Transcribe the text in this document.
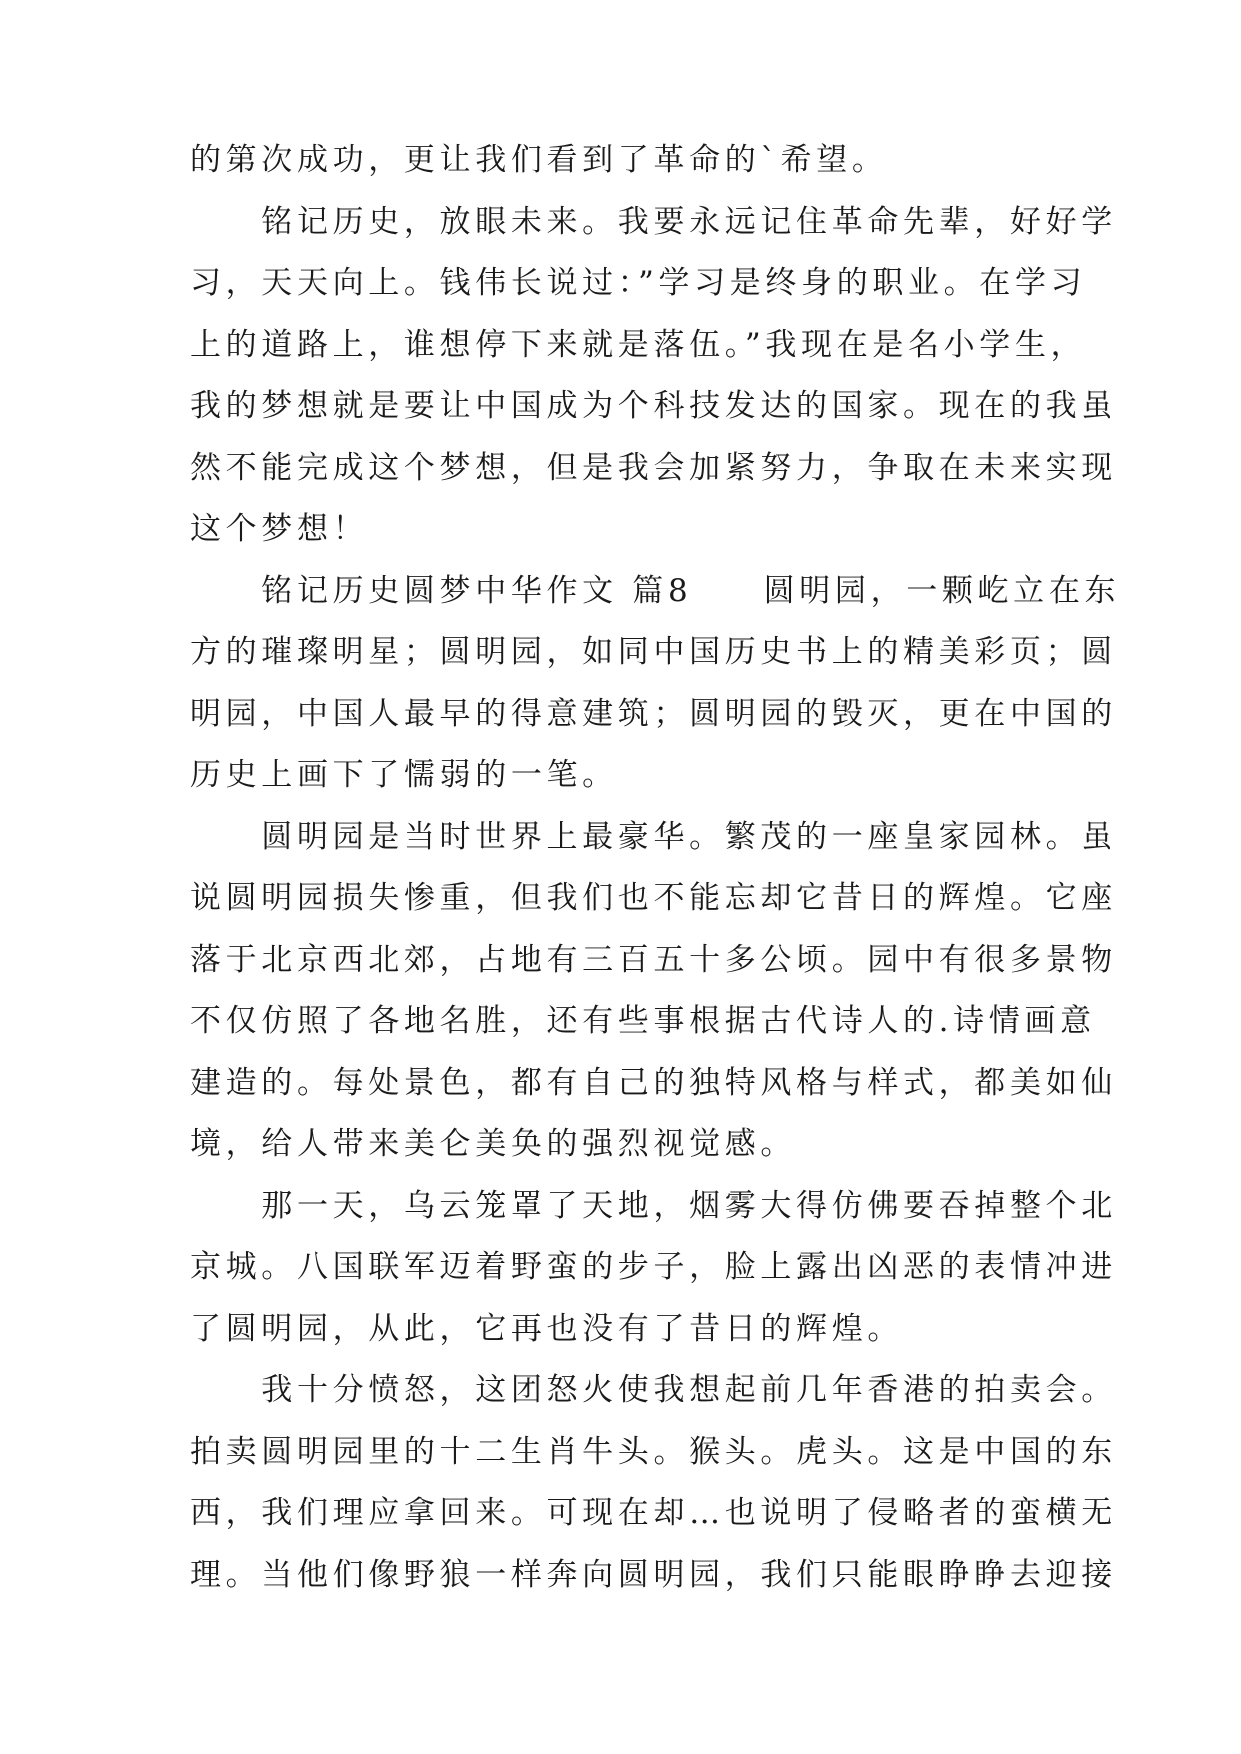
的第次成功，更让我们看到了革命的`希望。
　　铭记历史，放眼未来。我要永远记住革命先辈，好好学
习，天天向上。钱伟长说过：”学习是终身的职业。在学习
上的道路上，谁想停下来就是落伍。”我现在是名小学生，
我的梦想就是要让中国成为个科技发达的国家。现在的我虽
然不能完成这个梦想，但是我会加紧努力，争取在未来实现
这个梦想！
　　铭记历史圆梦中华作文 篇8　　圆明园，一颗屹立在东
方的璀璨明星；圆明园，如同中国历史书上的精美彩页；圆
明园，中国人最早的得意建筑；圆明园的毁灭，更在中国的
历史上画下了懦弱的一笔。
　　圆明园是当时世界上最豪华。繁茂的一座皇家园林。虽
说圆明园损失惨重，但我们也不能忘却它昔日的辉煌。它座
落于北京西北郊，占地有三百五十多公顷。园中有很多景物
不仅仿照了各地名胜，还有些事根据古代诗人的.诗情画意
建造的。每处景色，都有自己的独特风格与样式，都美如仙
境，给人带来美仑美奂的强烈视觉感。
　　那一天，乌云笼罩了天地，烟雾大得仿佛要吞掉整个北
京城。八国联军迈着野蛮的步子，脸上露出凶恶的表情冲进
了圆明园，从此，它再也没有了昔日的辉煌。
　　我十分愤怒，这团怒火使我想起前几年香港的拍卖会。
拍卖圆明园里的十二生肖牛头。猴头。虎头。这是中国的东
西，我们理应拿回来。可现在却…也说明了侵略者的蛮横无
理。当他们像野狼一样奔向圆明园，我们只能眼睁睁去迎接
